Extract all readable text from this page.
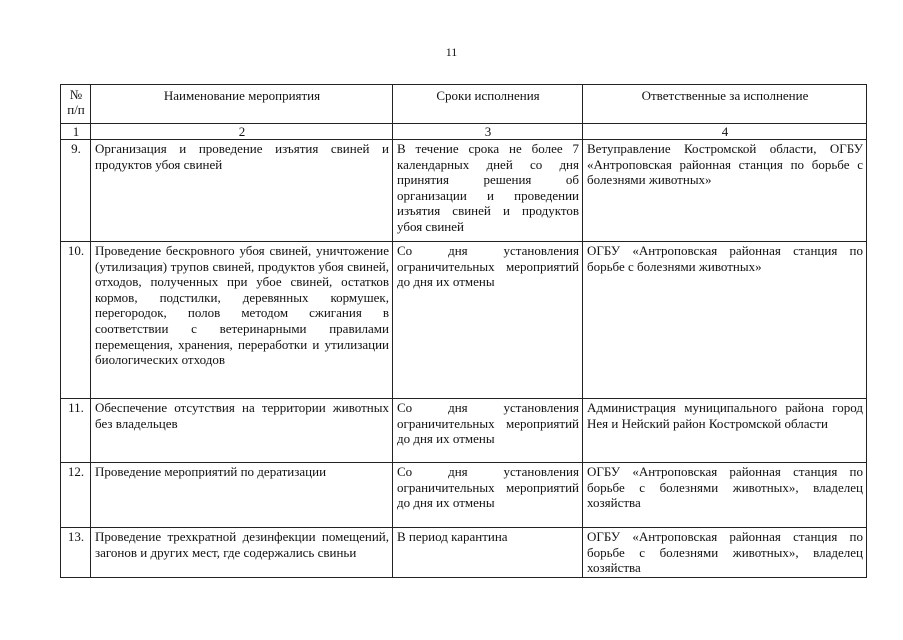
11
№ п/п	Наименование мероприятия	Сроки исполнения	Ответственные за исполнение
1	2	3	4
9.	Организация и проведение изъятия свиней и продуктов убоя свиней	В течение срока не более 7 календарных дней со дня принятия решения об организации и проведении изъятия свиней и продуктов убоя свиней	Ветуправление Костромской области, ОГБУ «Антроповская районная станция по борьбе с болезнями животных»
10.	Проведение бескровного убоя свиней, уничтожение (утилизация) трупов свиней, продуктов убоя свиней, отходов, полученных при убое свиней, остатков кормов, подстилки, деревянных кормушек, перегородок, полов методом сжигания в соответствии с ветеринарными правилами перемещения, хранения, переработки и утилизации биологических отходов	Со дня установления ограничительных мероприятий до дня их отмены	ОГБУ «Антроповская районная станция по борьбе с болезнями животных»
11.	Обеспечение отсутствия на территории животных без владельцев	Со дня установления ограничительных мероприятий до дня их отмены	Администрация муниципального района город Нея и Нейский район Костромской области
12.	Проведение мероприятий по дератизации	Со дня установления ограничительных мероприятий до дня их отмены	ОГБУ «Антроповская районная станция по борьбе с болезнями животных», владелец хозяйства
13.	Проведение трехкратной дезинфекции помещений, загонов и других мест, где содержались свиньи	В период карантина	ОГБУ «Антроповская районная станция по борьбе с болезнями животных», владелец хозяйства
